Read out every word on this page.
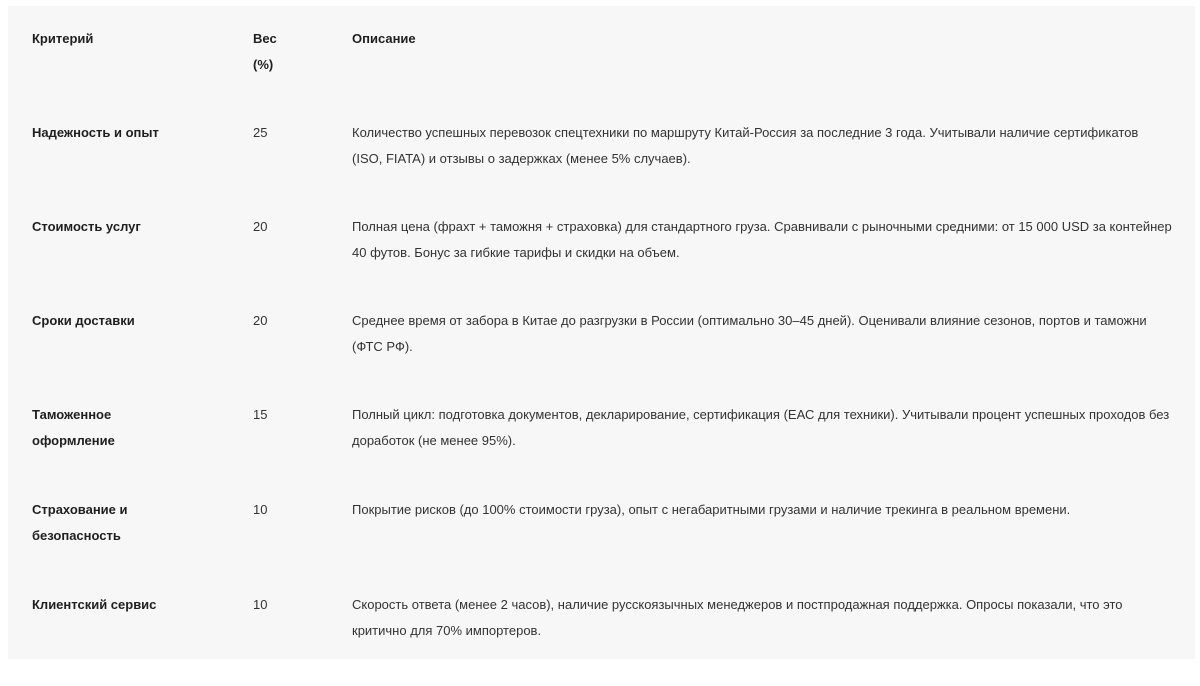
Критерий	Вес (%)	Описание
Надежность и опыт	25	Количество успешных перевозок спецтехники по маршруту Китай-Россия за последние 3 года. Учитывали наличие сертификатов (ISO, FIATA) и отзывы о задержках (менее 5% случаев).
Стоимость услуг	20	Полная цена (фрахт + таможня + страховка) для стандартного груза. Сравнивали с рыночными средними: от 15 000 USD за контейнер 40 футов. Бонус за гибкие тарифы и скидки на объем.
Сроки доставки	20	Среднее время от забора в Китае до разгрузки в России (оптимально 30–45 дней). Оценивали влияние сезонов, портов и таможни (ФТС РФ).
Таможенное оформление	15	Полный цикл: подготовка документов, декларирование, сертификация (ЕАС для техники). Учитывали процент успешных проходов без доработок (не менее 95%).
Страхование и безопасность	10	Покрытие рисков (до 100% стоимости груза), опыт с негабаритными грузами и наличие трекинга в реальном времени.
Клиентский сервис	10	Скорость ответа (менее 2 часов), наличие русскоязычных менеджеров и постпродажная поддержка. Опросы показали, что это критично для 70% импортеров.
